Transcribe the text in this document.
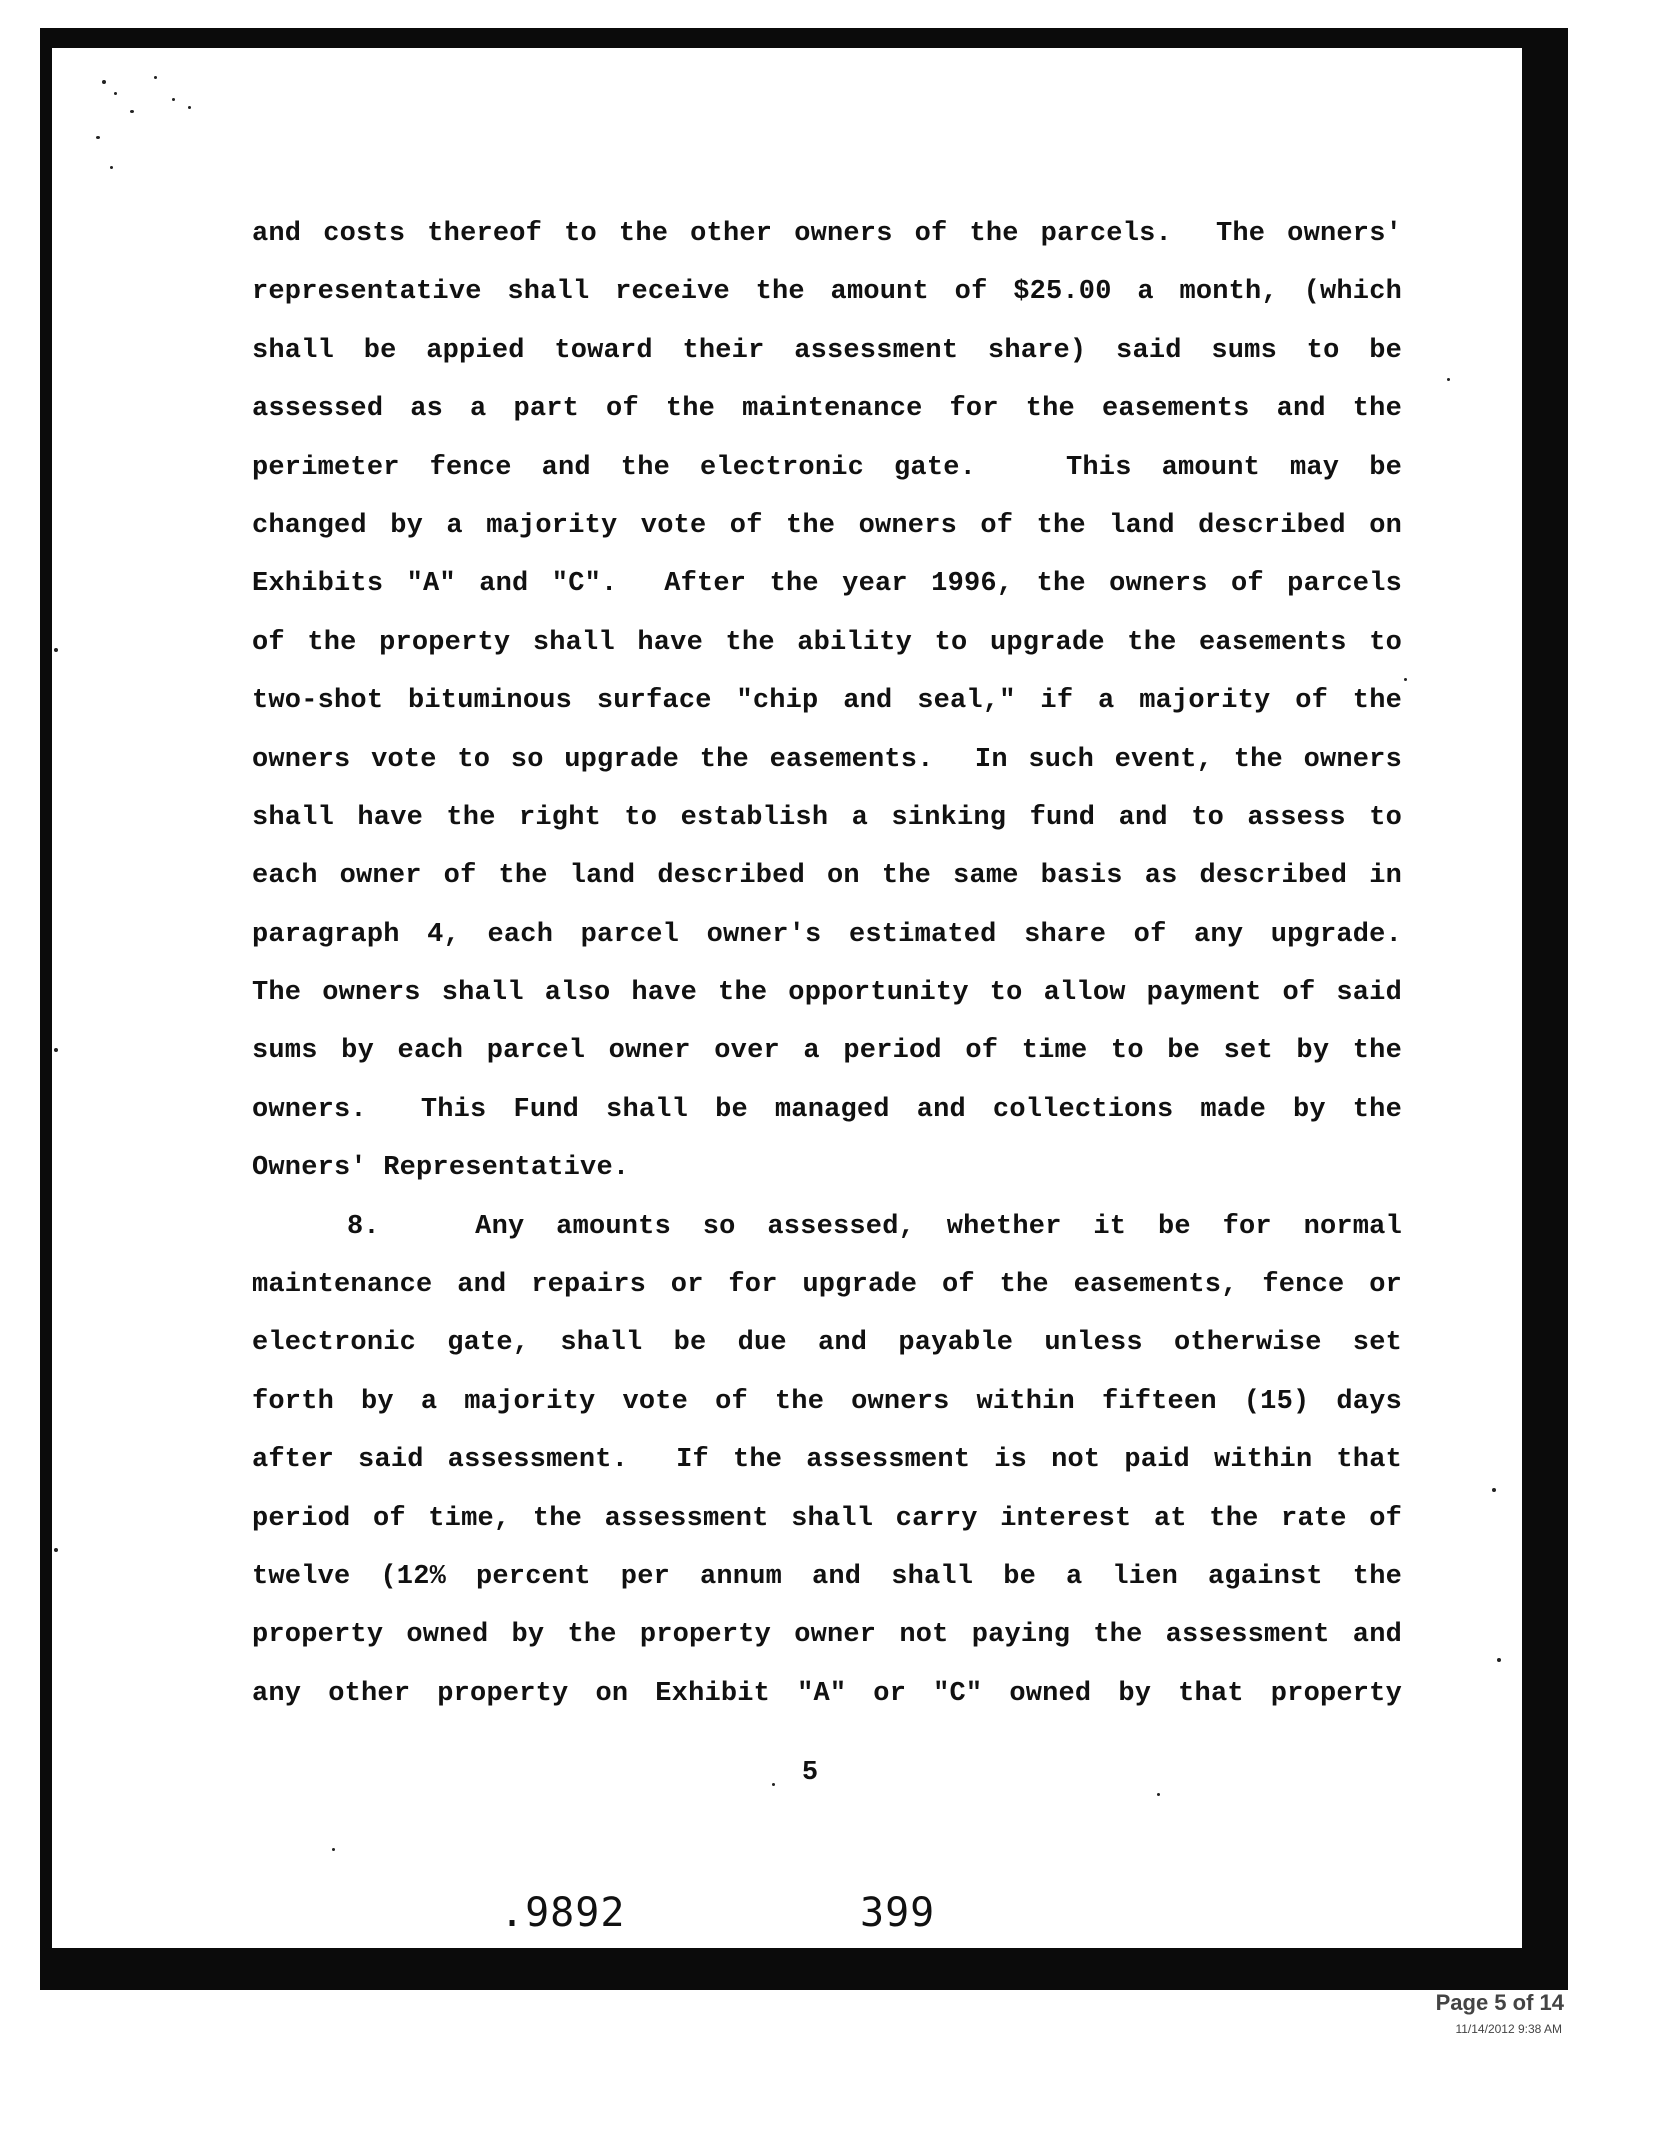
and costs thereof to the other owners of the parcels.  The owners'
representative shall receive the amount of $25.00 a month, (which
shall be appied toward their assessment share) said sums to be
assessed as a part of the maintenance for the easements and the
perimeter fence and the electronic gate.   This amount may be
changed by a majority vote of the owners of the land described on
Exhibits "A" and "C".  After the year 1996, the owners of parcels
of the property shall have the ability to upgrade the easements to
two-shot bituminous surface "chip and seal," if a majority of the
owners vote to so upgrade the easements.  In such event, the owners
shall have the right to establish a sinking fund and to assess to
each owner of the land described on the same basis as described in
paragraph 4, each parcel owner's estimated share of any upgrade.
The owners shall also have the opportunity to allow payment of said
sums by each parcel owner over a period of time to be set by the
owners.  This Fund shall be managed and collections made by the
Owners' Representative.
8.   Any amounts so assessed, whether it be for normal
maintenance and repairs or for upgrade of the easements, fence or
electronic gate, shall be due and payable unless otherwise set
forth by a majority vote of the owners within fifteen (15) days
after said assessment.  If the assessment is not paid within that
period of time, the assessment shall carry interest at the rate of
twelve (12% percent per annum and shall be a lien against the
property owned by the property owner not paying the assessment and
any other property on Exhibit "A" or "C" owned by that property
5
.9892	399
Page 5 of 14
11/14/2012 9:38 AM
